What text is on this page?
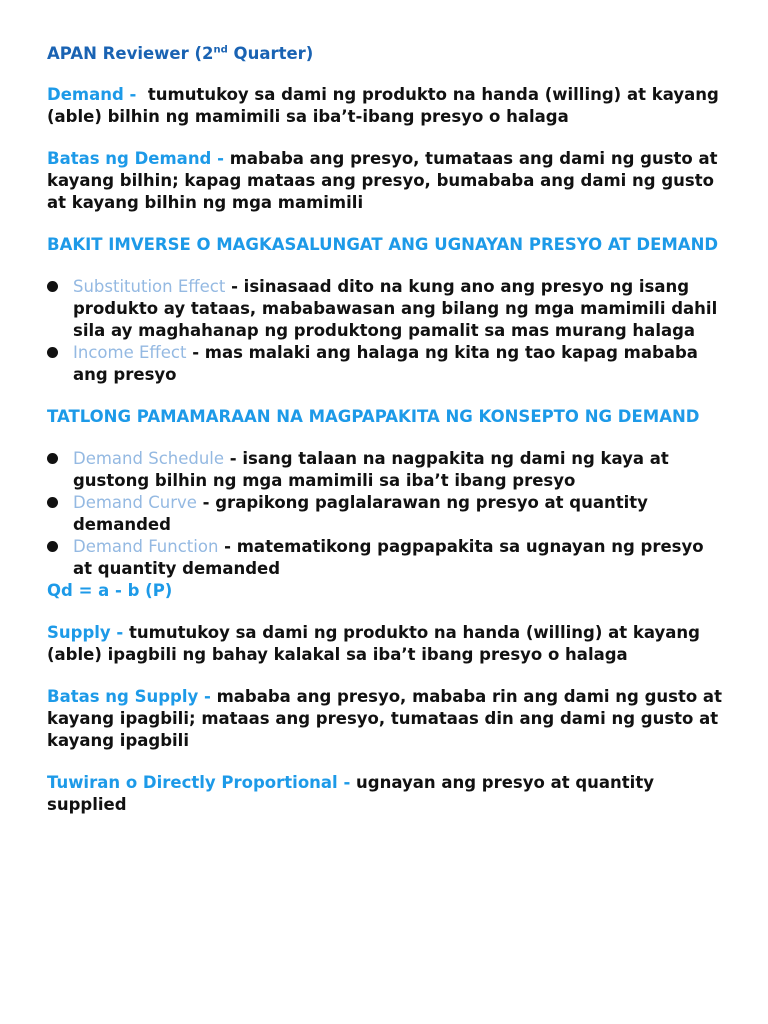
APAN Reviewer (2nd Quarter)

Demand -  tumutukoy sa dami ng produkto na handa (willing) at kayang (able) bilhin ng mamimili sa iba’t-ibang presyo o halaga

Batas ng Demand - mababa ang presyo, tumataas ang dami ng gusto at kayang bilhin; kapag mataas ang presyo, bumababa ang dami ng gusto at kayang bilhin ng mga mamimili

BAKIT IMVERSE O MAGKASALUNGAT ANG UGNAYAN PRESYO AT DEMAND
Substitution Effect - isinasaad dito na kung ano ang presyo ng isang produkto ay tataas, mababawasan ang bilang ng mga mamimili dahil sila ay maghahanap ng produktong pamalit sa mas murang halaga
Income Effect - mas malaki ang halaga ng kita ng tao kapag mababa ang presyo
TATLONG PAMAMARAAN NA MAGPAPAKITA NG KONSEPTO NG DEMAND
Demand Schedule - isang talaan na nagpakita ng dami ng kaya at gustong bilhin ng mga mamimili sa iba’t ibang presyo
Demand Curve - grapikong paglalarawan ng presyo at quantity demanded
Demand Function - matematikong pagpapakita sa ugnayan ng presyo at quantity demanded
Qd = a - b (P)

Supply - tumutukoy sa dami ng produkto na handa (willing) at kayang (able) ipagbili ng bahay kalakal sa iba’t ibang presyo o halaga

Batas ng Supply - mababa ang presyo, mababa rin ang dami ng gusto at kayang ipagbili; mataas ang presyo, tumataas din ang dami ng gusto at kayang ipagbili

Tuwiran o Directly Proportional - ugnayan ang presyo at quantity supplied
